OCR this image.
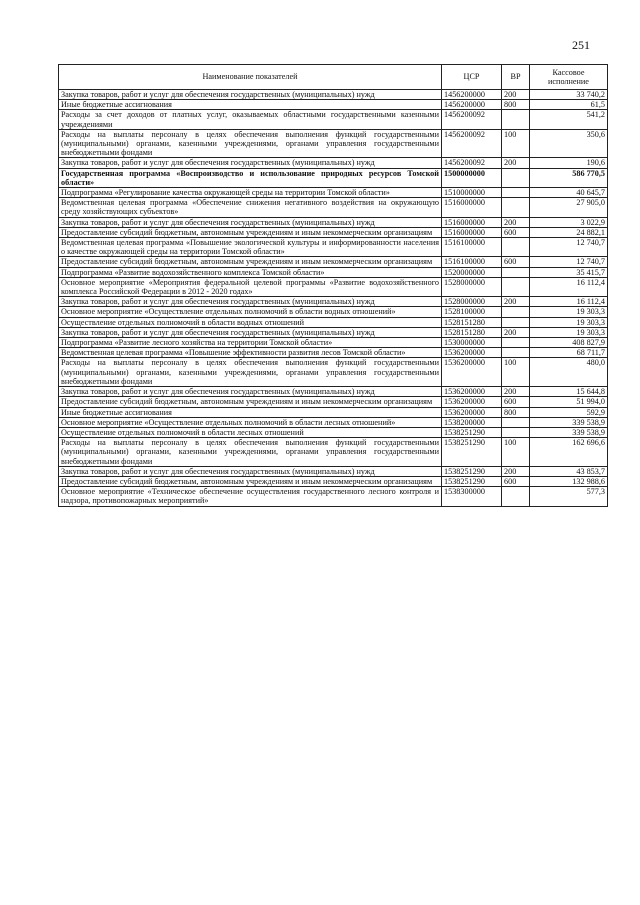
251
Наименование показателей	ЦСР	ВР	Кассовое исполнение
Закупка товаров, работ и услуг для обеспечения государственных (муниципальных) нужд	1456200000	200	33 740,2
Иные бюджетные ассигнования	1456200000	800	61,5
Расходы за счет доходов от платных услуг, оказываемых областными государственными казенными учреждениями	1456200092		541,2
Расходы на выплаты персоналу в целях обеспечения выполнения функций государственными (муниципальными) органами, казенными учреждениями, органами управления государственными внебюджетными фондами	1456200092	100	350,6
Закупка товаров, работ и услуг для обеспечения государственных (муниципальных) нужд	1456200092	200	190,6
Государственная программа «Воспроизводство и использование природных ресурсов Томской области»	1500000000		586 770,5
Подпрограмма «Регулирование качества окружающей среды на территории Томской области»	1510000000		40 645,7
Ведомственная целевая программа «Обеспечение снижения негативного воздействия на окружающую среду хозяйствующих субъектов»	1516000000		27 905,0
Закупка товаров, работ и услуг для обеспечения государственных (муниципальных) нужд	1516000000	200	3 022,9
Предоставление субсидий бюджетным, автономным учреждениям и иным некоммерческим организациям	1516000000	600	24 882,1
Ведомственная целевая программа «Повышение экологической культуры и информированности населения о качестве окружающей среды на территории Томской области»	1516100000		12 740,7
Предоставление субсидий бюджетным, автономным учреждениям и иным некоммерческим организациям	1516100000	600	12 740,7
Подпрограмма «Развитие водохозяйственного комплекса Томской области»	1520000000		35 415,7
Основное мероприятие «Мероприятия федеральной целевой программы «Развитие водохозяйственного комплекса Российской Федерации в 2012 - 2020 годах»	1528000000		16 112,4
Закупка товаров, работ и услуг для обеспечения государственных (муниципальных) нужд	1528000000	200	16 112,4
Основное мероприятие «Осуществление отдельных полномочий в области водных отношений»	1528100000		19 303,3
Осуществление отдельных полномочий в области водных отношений	1528151280		19 303,3
Закупка товаров, работ и услуг для обеспечения государственных (муниципальных) нужд	1528151280	200	19 303,3
Подпрограмма «Развитие лесного хозяйства на территории Томской области»	1530000000		408 827,9
Ведомственная целевая программа «Повышение эффективности развития лесов Томской области»	1536200000		68 711,7
Расходы на выплаты персоналу в целях обеспечения выполнения функций государственными (муниципальными) органами, казенными учреждениями, органами управления государственными внебюджетными фондами	1536200000	100	480,0
Закупка товаров, работ и услуг для обеспечения государственных (муниципальных) нужд	1536200000	200	15 644,8
Предоставление субсидий бюджетным, автономным учреждениям и иным некоммерческим организациям	1536200000	600	51 994,0
Иные бюджетные ассигнования	1536200000	800	592,9
Основное мероприятие «Осуществление отдельных полномочий в области лесных отношений»	1538200000		339 538,9
Осуществление отдельных полномочий в области лесных отношений	1538251290		339 538,9
Расходы на выплаты персоналу в целях обеспечения выполнения функций государственными (муниципальными) органами, казенными учреждениями, органами управления государственными внебюджетными фондами	1538251290	100	162 696,6
Закупка товаров, работ и услуг для обеспечения государственных (муниципальных) нужд	1538251290	200	43 853,7
Предоставление субсидий бюджетным, автономным учреждениям и иным некоммерческим организациям	1538251290	600	132 988,6
Основное мероприятие «Техническое обеспечение осуществления государственного лесного контроля и надзора, противопожарных мероприятий»	1538300000		577,3
